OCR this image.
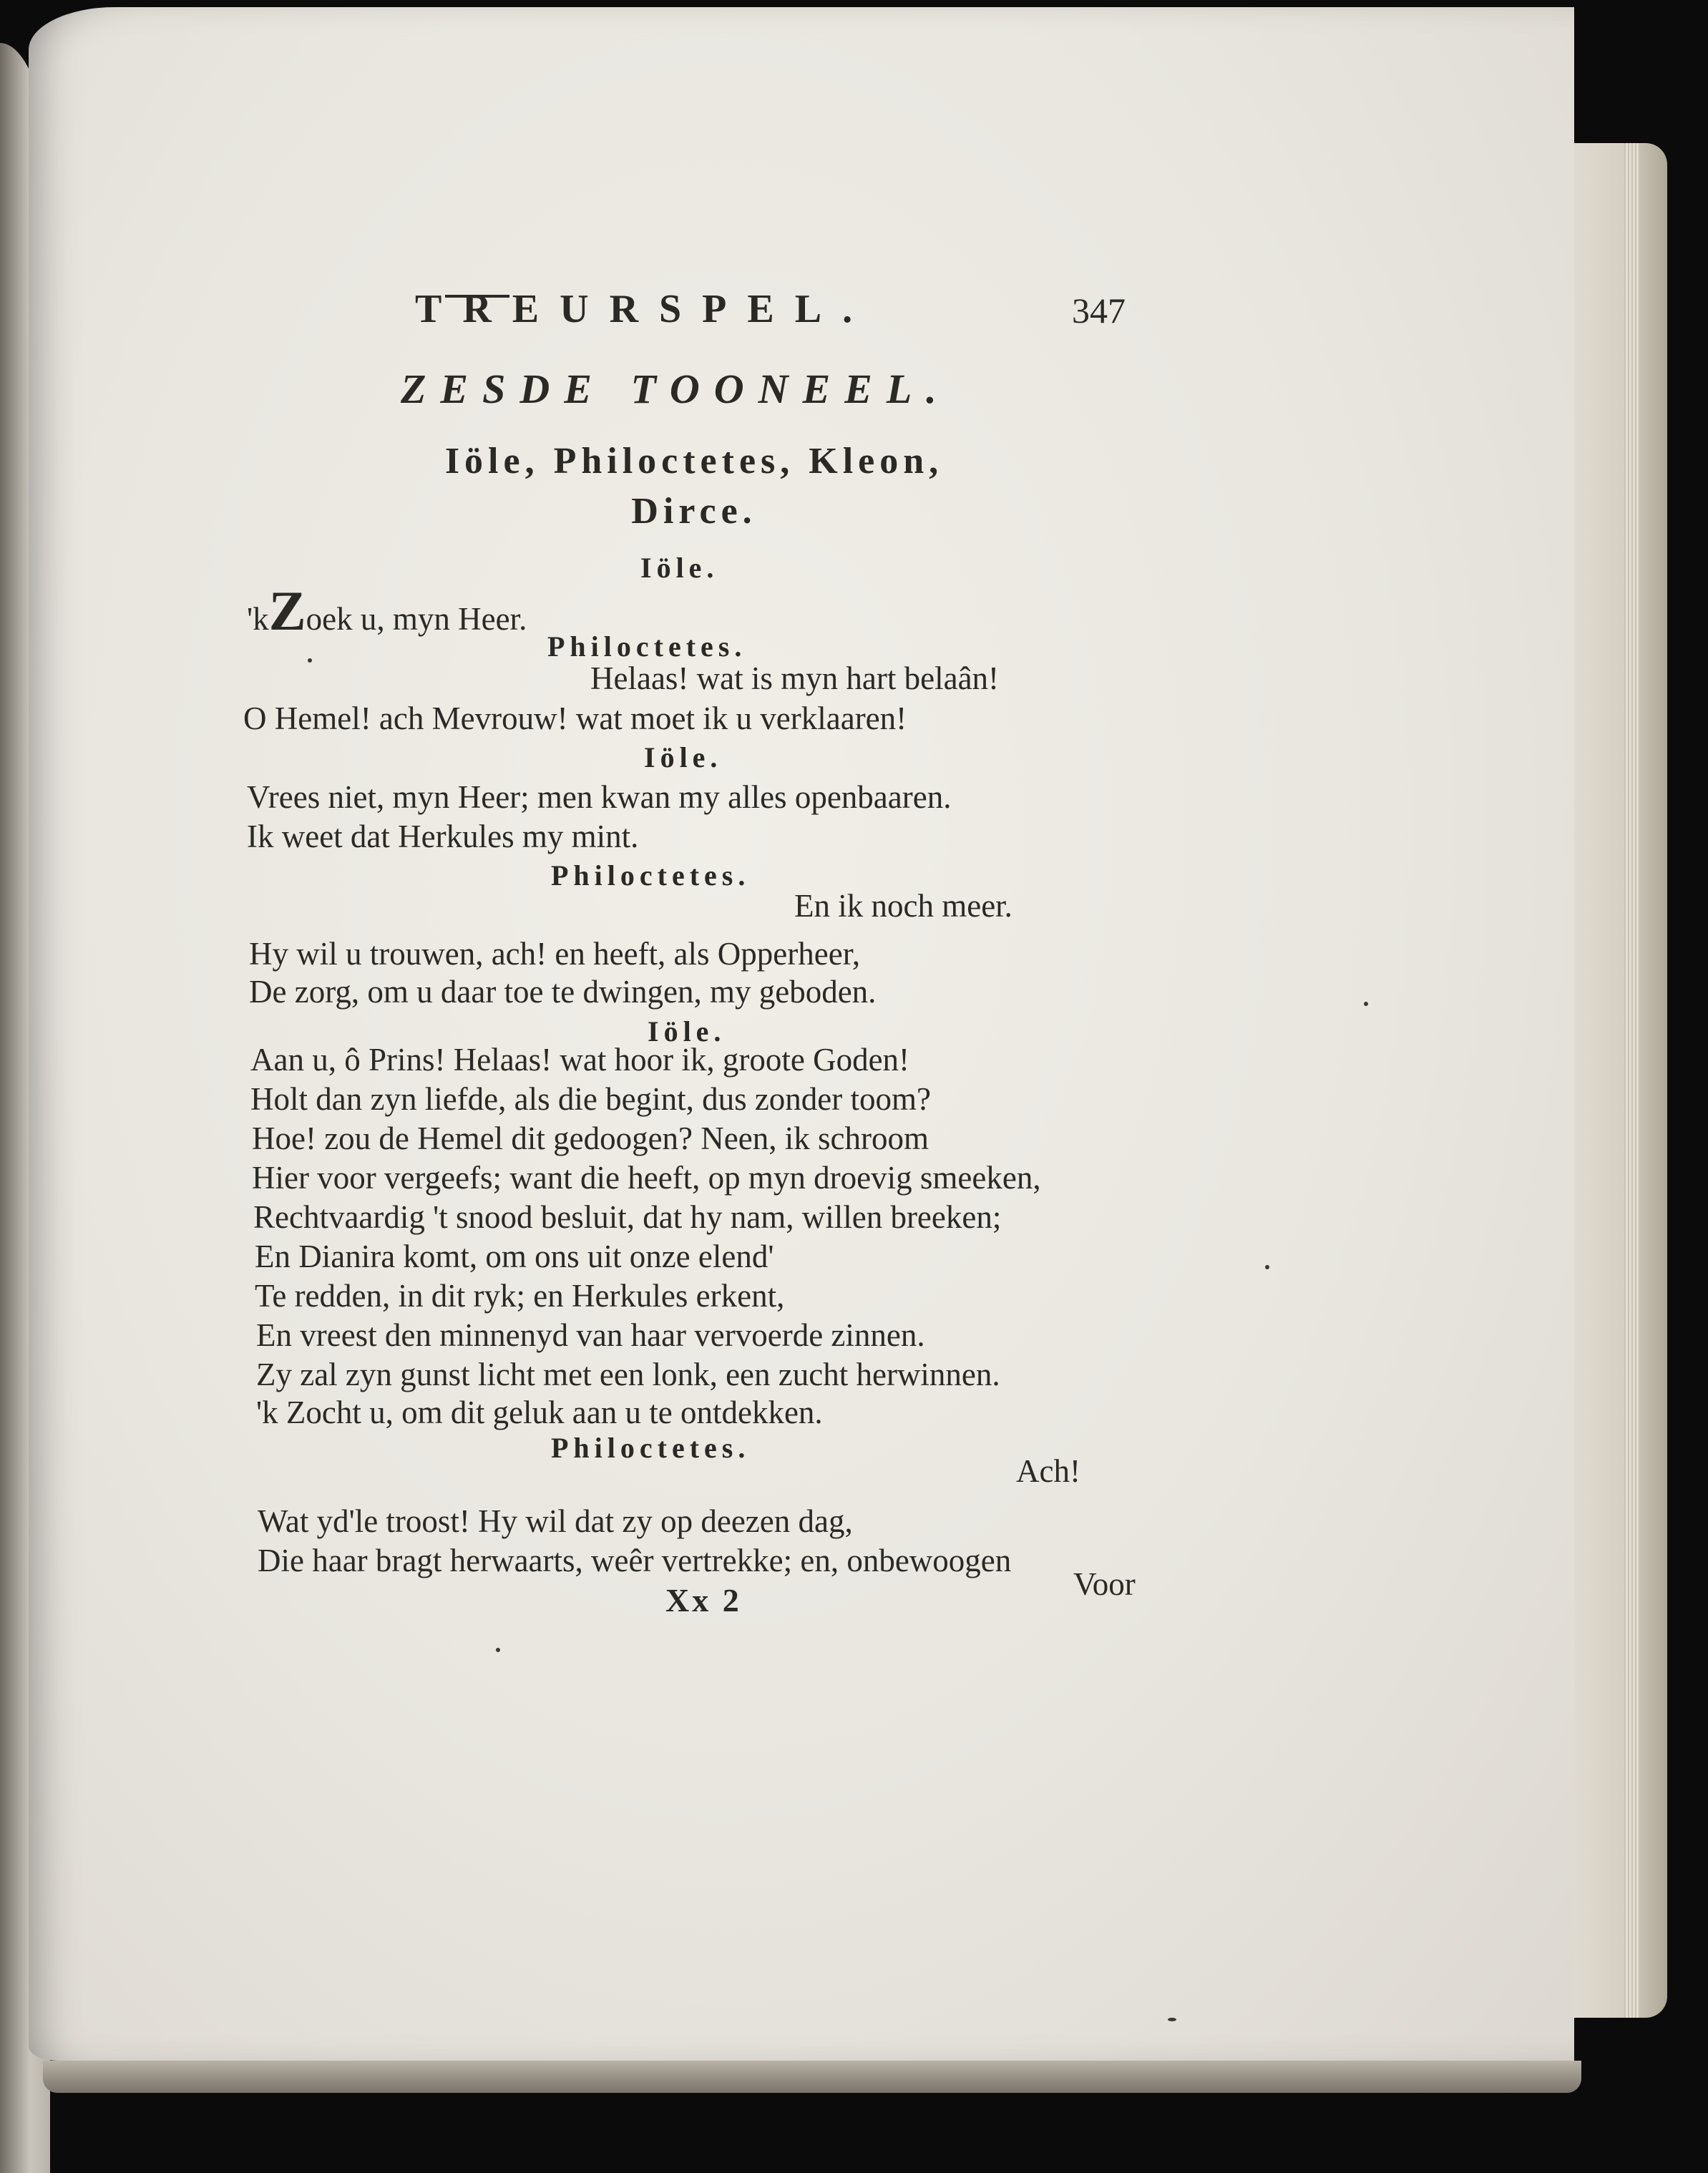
TREURSPEL.	347
ZESDE TOONEEL.
Iöle, Philoctetes, Kleon,
Dirce.
Iöle.
'kZoek u, myn Heer.
Philoctetes.
Helaas! wat is myn hart belaân!
O Hemel! ach Mevrouw! wat moet ik u verklaaren!
Iöle.
Vrees niet, myn Heer; men kwan my alles openbaaren.
Ik weet dat Herkules my mint.
Philoctetes.
En ik noch meer.
Hy wil u trouwen, ach! en heeft, als Opperheer,
De zorg, om u daar toe te dwingen, my geboden.
Iöle.
Aan u, ô Prins! Helaas! wat hoor ik, groote Goden!
Holt dan zyn liefde, als die begint, dus zonder toom?
Hoe! zou de Hemel dit gedoogen? Neen, ik schroom
Hier voor vergeefs; want die heeft, op myn droevig smeeken,
Rechtvaardig 't snood besluit, dat hy nam, willen breeken;
En Dianira komt, om ons uit onze elend'
Te redden, in dit ryk; en Herkules erkent,
En vreest den minnenyd van haar vervoerde zinnen.
Zy zal zyn gunst licht met een lonk, een zucht herwinnen.
'k Zocht u, om dit geluk aan u te ontdekken.
Philoctetes.
Ach!
Wat yd'le troost! Hy wil dat zy op deezen dag,
Die haar bragt herwaarts, weêr vertrekke; en, onbewoogen
Xx 2	Voor
